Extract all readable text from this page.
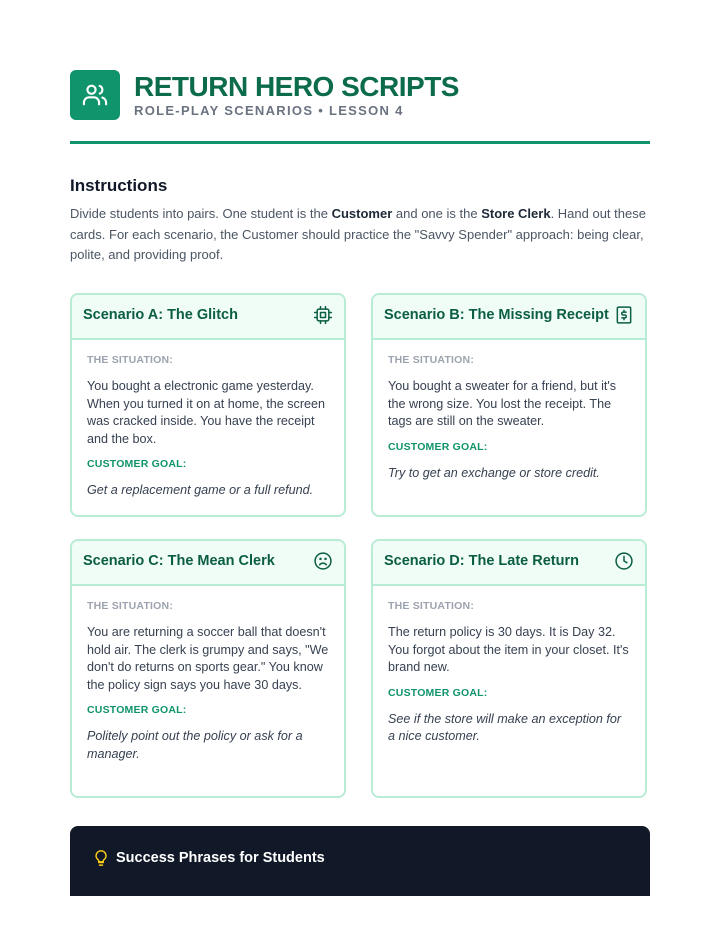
RETURN HERO SCRIPTS
ROLE-PLAY SCENARIOS • LESSON 4
Instructions
Divide students into pairs. One student is the Customer and one is the Store Clerk. Hand out these cards. For each scenario, the Customer should practice the "Savvy Spender" approach: being clear, polite, and providing proof.
Scenario A: The Glitch
THE SITUATION:
You bought a electronic game yesterday. When you turned it on at home, the screen was cracked inside. You have the receipt and the box.
CUSTOMER GOAL:
Get a replacement game or a full refund.
Scenario B: The Missing Receipt
THE SITUATION:
You bought a sweater for a friend, but it's the wrong size. You lost the receipt. The tags are still on the sweater.
CUSTOMER GOAL:
Try to get an exchange or store credit.
Scenario C: The Mean Clerk
THE SITUATION:
You are returning a soccer ball that doesn't hold air. The clerk is grumpy and says, "We don't do returns on sports gear." You know the policy sign says you have 30 days.
CUSTOMER GOAL:
Politely point out the policy or ask for a manager.
Scenario D: The Late Return
THE SITUATION:
The return policy is 30 days. It is Day 32. You forgot about the item in your closet. It's brand new.
CUSTOMER GOAL:
See if the store will make an exception for a nice customer.
Success Phrases for Students
